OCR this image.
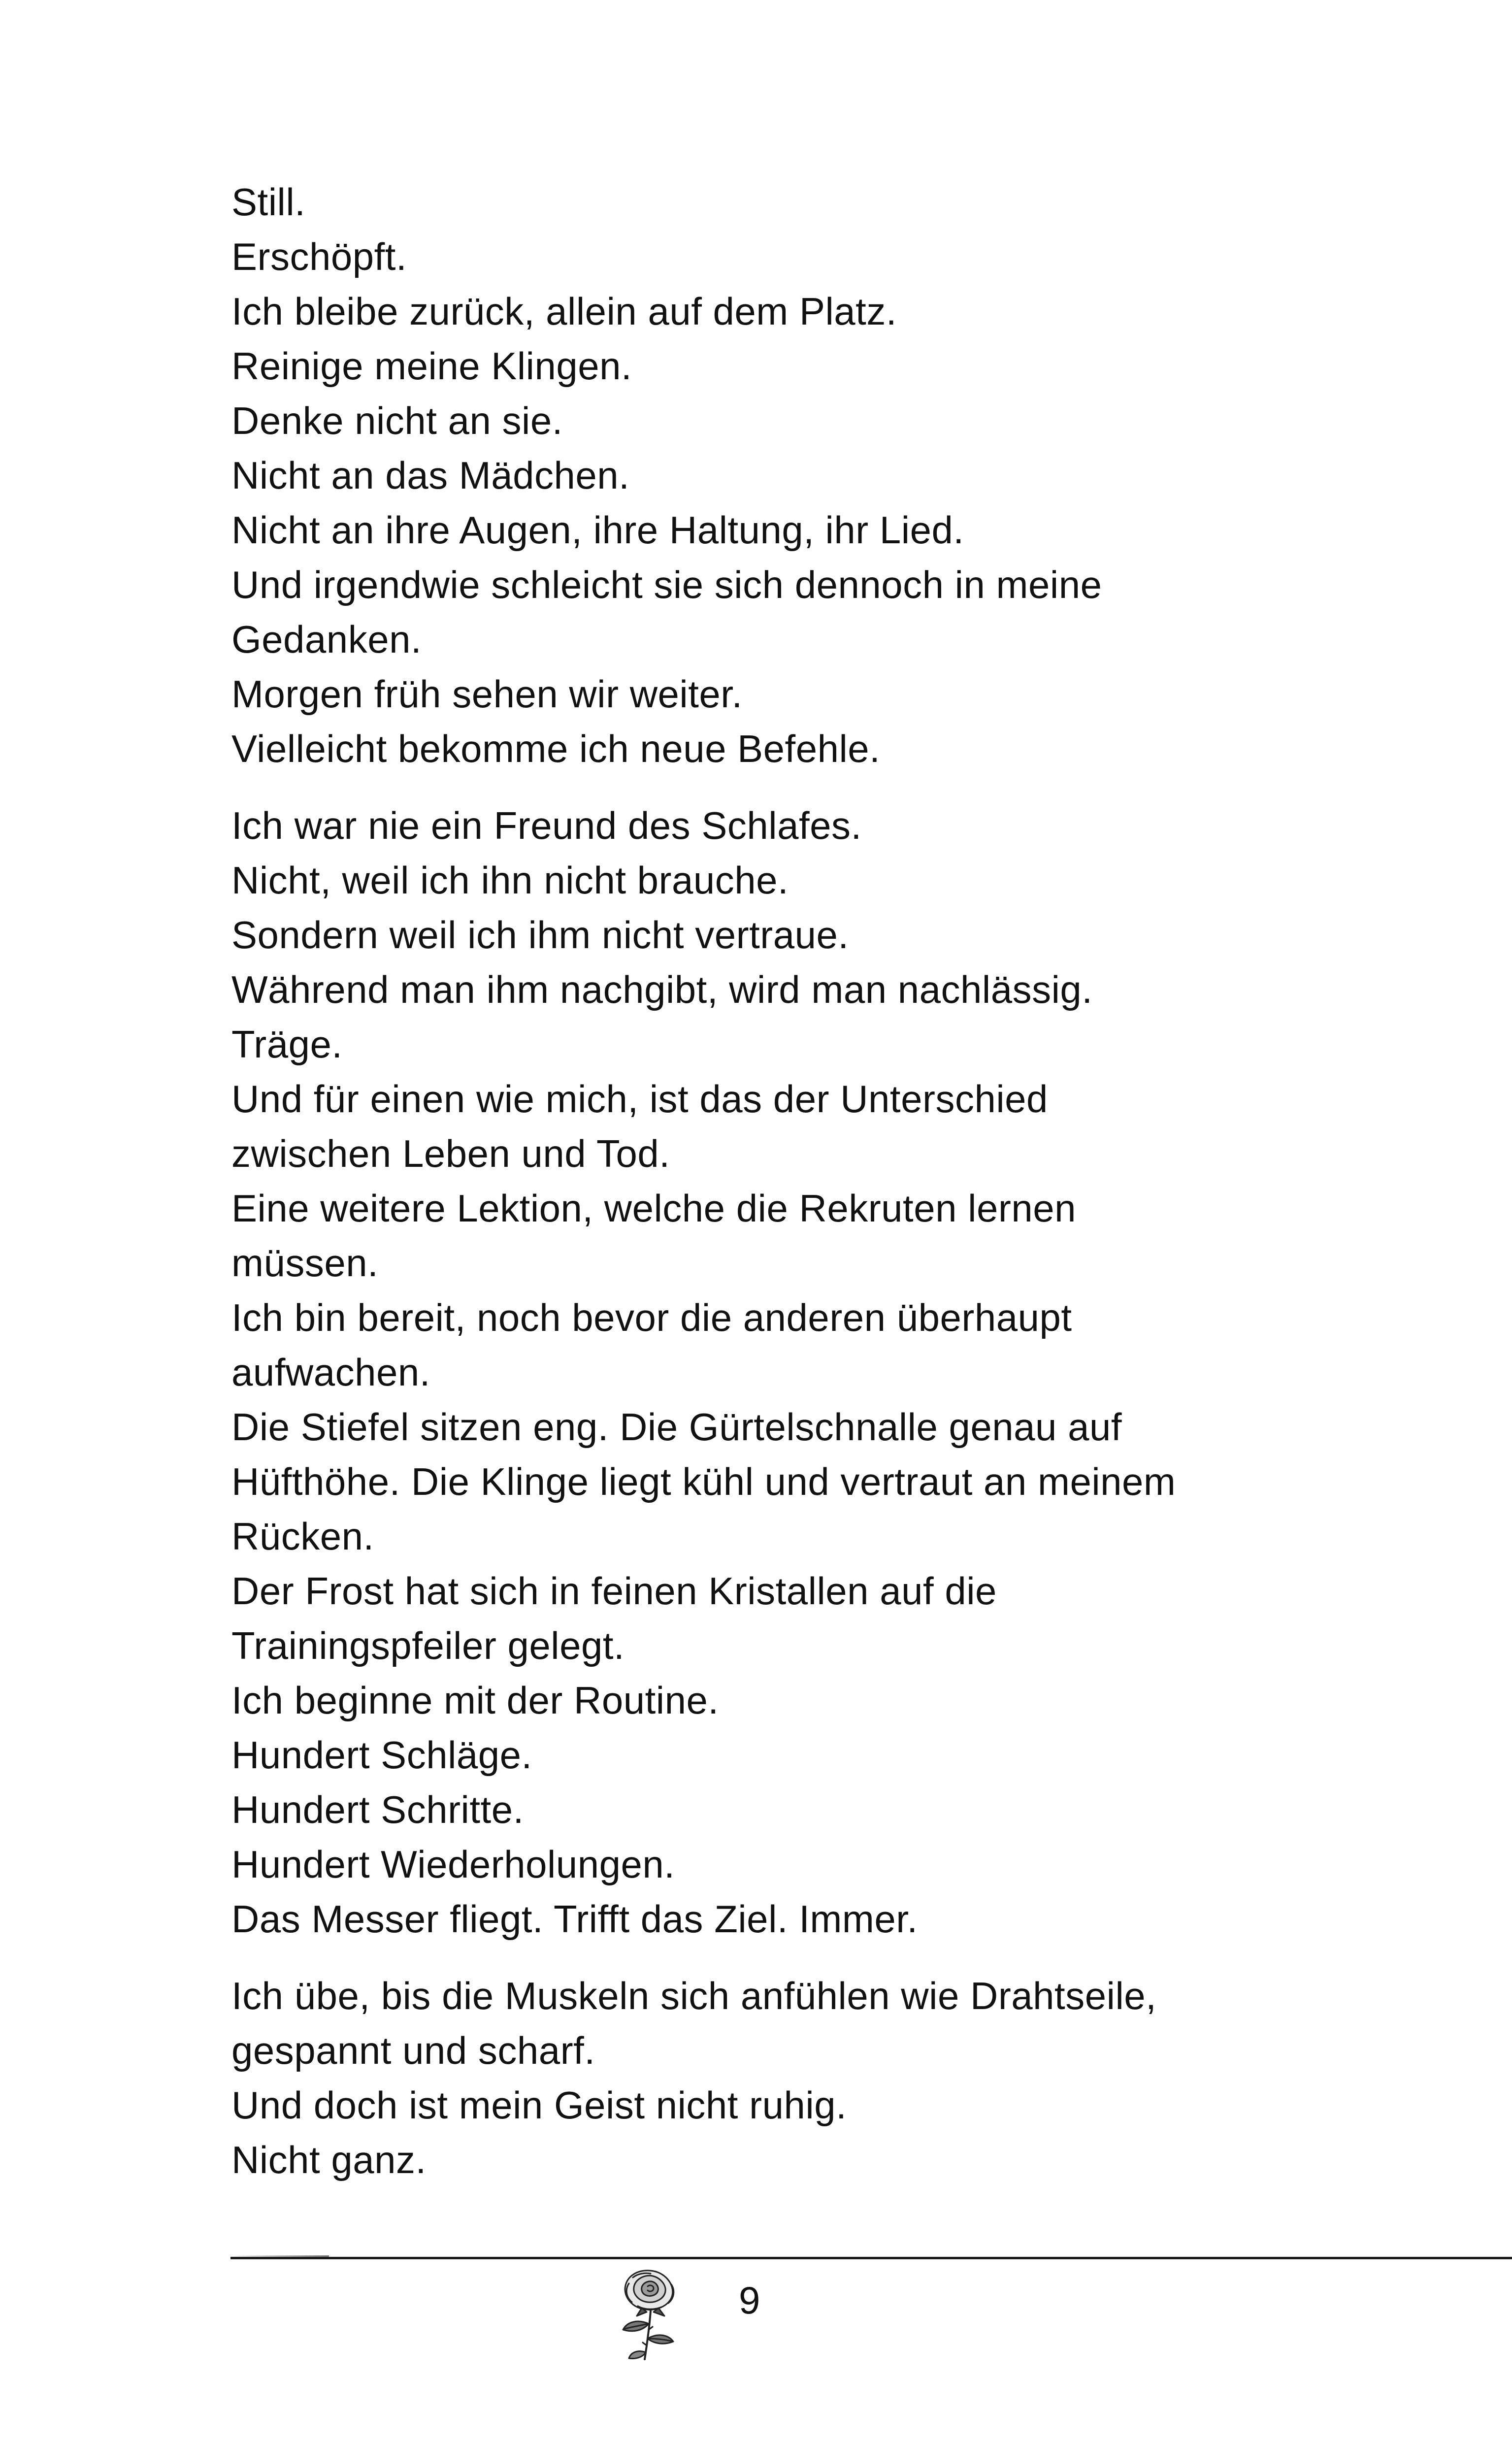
Still.
Erschöpft.
Ich bleibe zurück, allein auf dem Platz.
Reinige meine Klingen.
Denke nicht an sie.
Nicht an das Mädchen.
Nicht an ihre Augen, ihre Haltung, ihr Lied.
Und irgendwie schleicht sie sich dennoch in meine
Gedanken.
Morgen früh sehen wir weiter.
Vielleicht bekomme ich neue Befehle.
Ich war nie ein Freund des Schlafes.
Nicht, weil ich ihn nicht brauche.
Sondern weil ich ihm nicht vertraue.
Während man ihm nachgibt, wird man nachlässig.
Träge.
Und für einen wie mich, ist das der Unterschied
zwischen Leben und Tod.
Eine weitere Lektion, welche die Rekruten lernen
müssen.
Ich bin bereit, noch bevor die anderen überhaupt
aufwachen.
Die Stiefel sitzen eng. Die Gürtelschnalle genau auf
Hüfthöhe. Die Klinge liegt kühl und vertraut an meinem
Rücken.
Der Frost hat sich in feinen Kristallen auf die
Trainingspfeiler gelegt.
Ich beginne mit der Routine.
Hundert Schläge.
Hundert Schritte.
Hundert Wiederholungen.
Das Messer fliegt. Trifft das Ziel. Immer.
Ich übe, bis die Muskeln sich anfühlen wie Drahtseile,
gespannt und scharf.
Und doch ist mein Geist nicht ruhig.
Nicht ganz.
9
